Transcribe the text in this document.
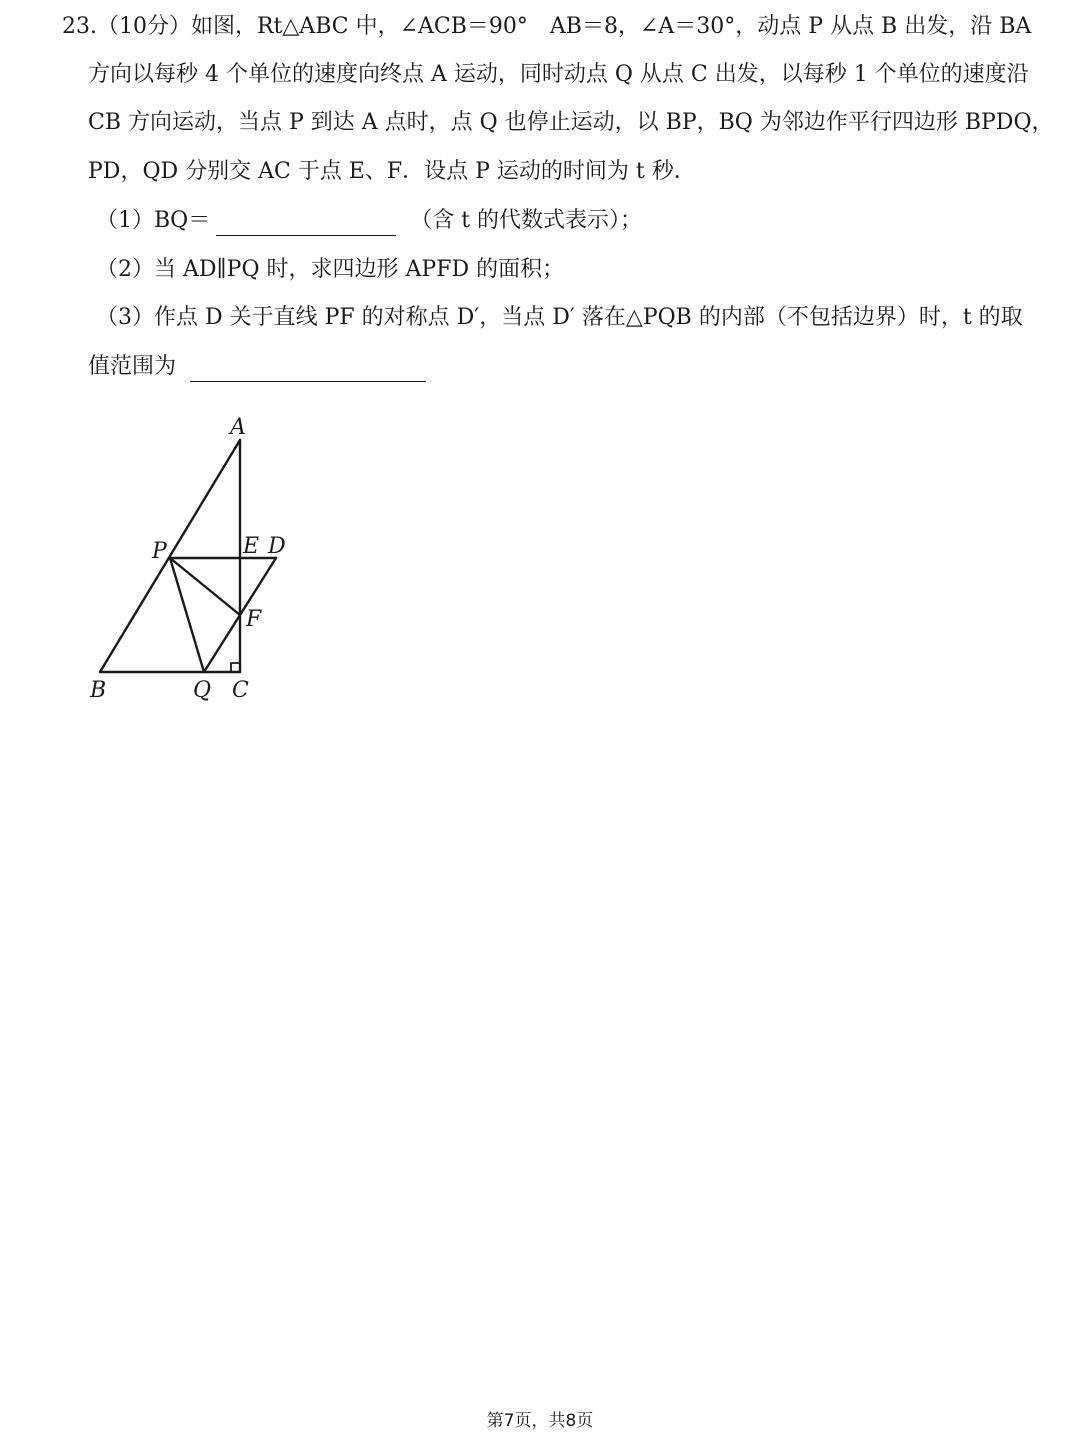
23.（10分）如图，Rt△ABC 中，∠ACB＝90°　AB＝8，∠A＝30°，动点 P 从点 B 出发，沿 BA
方向以每秒 4 个单位的速度向终点 A 运动，同时动点 Q 从点 C 出发，以每秒 1 个单位的速度沿
CB 方向运动，当点 P 到达 A 点时，点 Q 也停止运动，以 BP，BQ 为邻边作平行四边形 BPDQ，
PD，QD 分别交 AC 于点 E、F．设点 P 运动的时间为 t 秒．
（1）BQ＝	（含 t 的代数式表示）；
（2）当 AD∥PQ 时，求四边形 APFD 的面积；
（3）作点 D 关于直线 PF 的对称点 D′，当点 D′ 落在△PQB 的内部（不包括边界）时，t 的取
值范围为
A
B	Q C
P	E D
F
第7页，共8页
